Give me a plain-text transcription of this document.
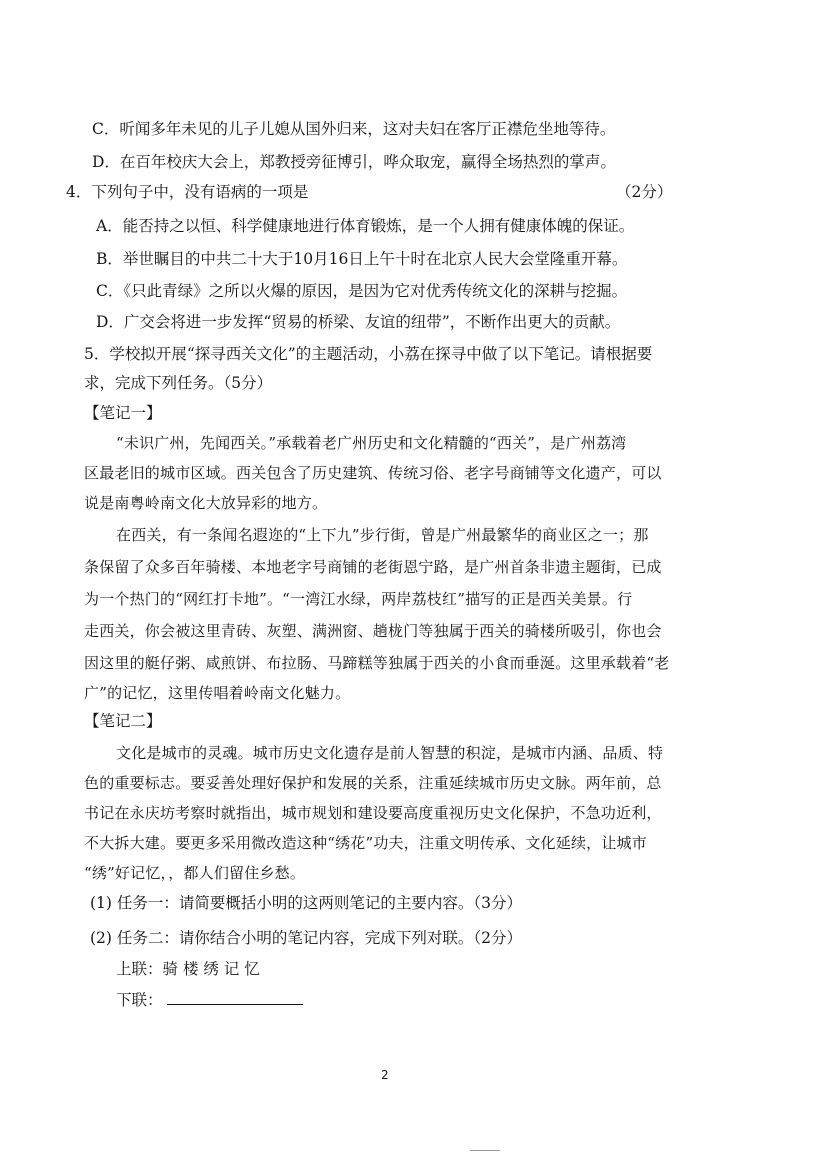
C．听闻多年未见的儿子儿媳从国外归来，这对夫妇在客厅正襟危坐地等待。
D．在百年校庆大会上，郑教授旁征博引，哗众取宠，赢得全场热烈的掌声。
4．下列句子中，没有语病的一项是	（2分）
A．能否持之以恒、科学健康地进行体育锻炼，是一个人拥有健康体魄的保证。
B．举世瞩目的中共二十大于10月16日上午十时在北京人民大会堂隆重开幕。
C．《只此青绿》之所以火爆的原因，是因为它对优秀传统文化的深耕与挖掘。
D．广交会将进一步发挥“贸易的桥梁、友谊的纽带”，不断作出更大的贡献。
5．学校拟开展“探寻西关文化”的主题活动，小荔在探寻中做了以下笔记。请根据要
求，完成下列任务。（5分）
【笔记一】
“未识广州，先闻西关。”承载着老广州历史和文化精髓的“西关”，是广州荔湾
区最老旧的城市区域。西关包含了历史建筑、传统习俗、老字号商铺等文化遗产，可以
说是南粤岭南文化大放异彩的地方。
在西关，有一条闻名遐迩的“上下九”步行街，曾是广州最繁华的商业区之一；那
条保留了众多百年骑楼、本地老字号商铺的老街恩宁路，是广州首条非遗主题街，已成
为一个热门的“网红打卡地”。“一湾江水绿，两岸荔枝红”描写的正是西关美景。行
走西关，你会被这里青砖、灰塑、满洲窗、趟栊门等独属于西关的骑楼所吸引，你也会
因这里的艇仔粥、咸煎饼、布拉肠、马蹄糕等独属于西关的小食而垂涎。这里承载着“老
广”的记忆，这里传唱着岭南文化魅力。
【笔记二】
文化是城市的灵魂。城市历史文化遗存是前人智慧的积淀，是城市内涵、品质、特
色的重要标志。要妥善处理好保护和发展的关系，注重延续城市历史文脉。两年前，总
书记在永庆坊考察时就指出，城市规划和建设要高度重视历史文化保护，不急功近利，
不大拆大建。要更多采用微改造这种“绣花”功夫，注重文明传承、文化延续，让城市
“绣”好记忆，，都人们留住乡愁。
(1) 任务一：请简要概括小明的这两则笔记的主要内容。（3分）
(2) 任务二：请你结合小明的笔记内容，完成下列对联。（2分）
上联：骑 楼 绣 记 忆
下联：
2
